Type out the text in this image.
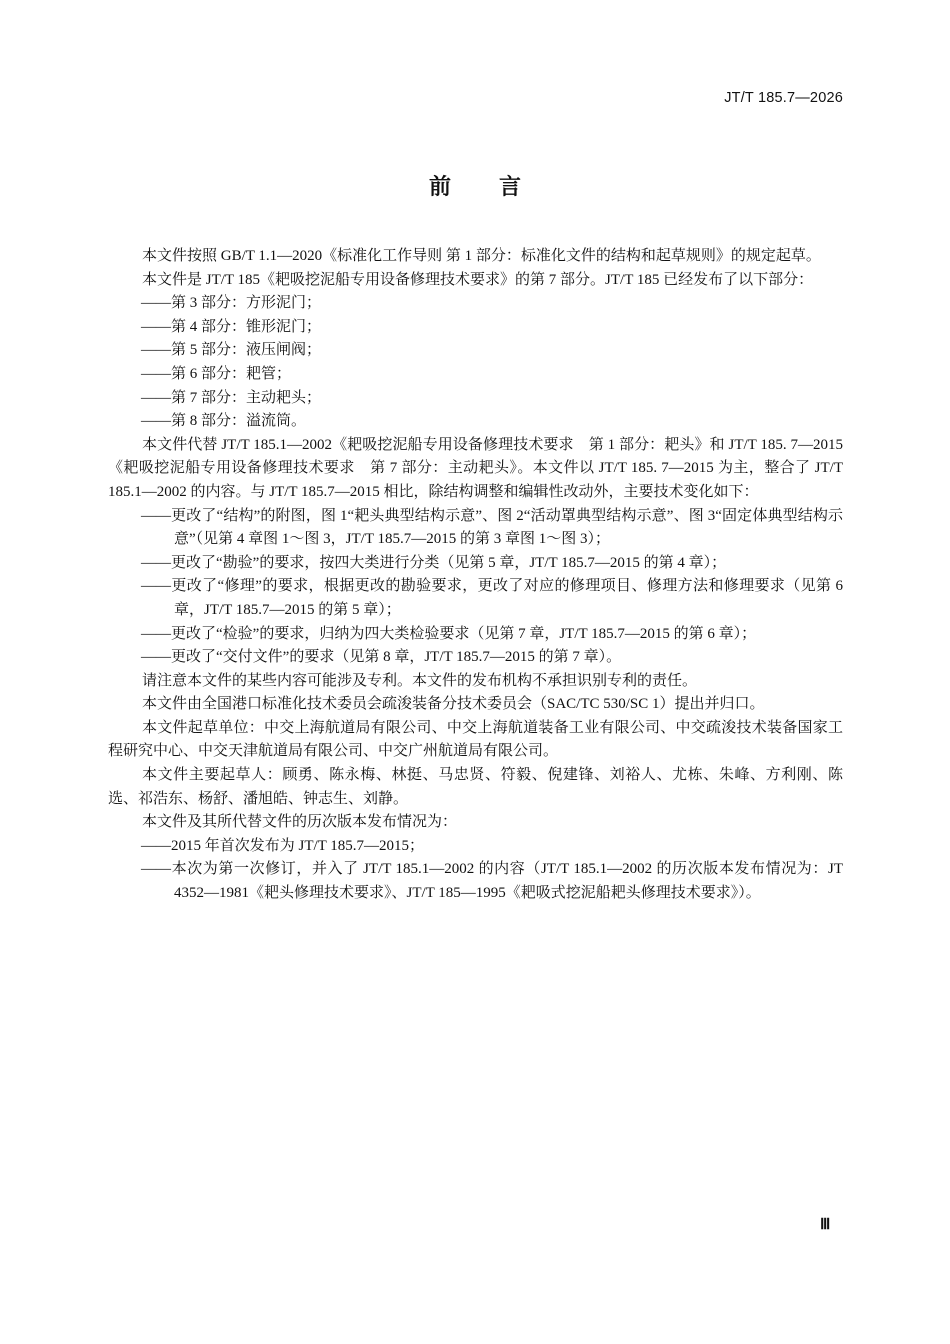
JT/T 185.7—2026
前 言

本文件按照 GB/T 1.1—2020《标准化工作导则 第 1 部分：标准化文件的结构和起草规则》的规定起草。

本文件是 JT/T 185《耙吸挖泥船专用设备修理技术要求》的第 7 部分。JT/T 185 已经发布了以下部分：

——第 3 部分：方形泥门；

——第 4 部分：锥形泥门；

——第 5 部分：液压闸阀；

——第 6 部分：耙管；

——第 7 部分：主动耙头；

——第 8 部分：溢流筒。

本文件代替 JT/T 185.1—2002《耙吸挖泥船专用设备修理技术要求　第 1 部分：耙头》和 JT/T 185. 7—2015《耙吸挖泥船专用设备修理技术要求　第 7 部分：主动耙头》。本文件以 JT/T 185. 7—2015 为主，整合了 JT/T 185.1—2002 的内容。与 JT/T 185.7—2015 相比，除结构调整和编辑性改动外，主要技术变化如下：

——更改了“结构”的附图，图 1“耙头典型结构示意”、图 2“活动罩典型结构示意”、图 3“固定体典型结构示意”（见第 4 章图 1～图 3，JT/T 185.7—2015 的第 3 章图 1～图 3）；

——更改了“勘验”的要求，按四大类进行分类（见第 5 章，JT/T 185.7—2015 的第 4 章）；

——更改了“修理”的要求，根据更改的勘验要求，更改了对应的修理项目、修理方法和修理要求（见第 6 章，JT/T 185.7—2015 的第 5 章）；

——更改了“检验”的要求，归纳为四大类检验要求（见第 7 章，JT/T 185.7—2015 的第 6 章）；

——更改了“交付文件”的要求（见第 8 章，JT/T 185.7—2015 的第 7 章）。

请注意本文件的某些内容可能涉及专利。本文件的发布机构不承担识别专利的责任。

本文件由全国港口标准化技术委员会疏浚装备分技术委员会（SAC/TC 530/SC 1）提出并归口。

本文件起草单位：中交上海航道局有限公司、中交上海航道装备工业有限公司、中交疏浚技术装备国家工程研究中心、中交天津航道局有限公司、中交广州航道局有限公司。

本文件主要起草人：顾勇、陈永梅、林挺、马忠贤、符毅、倪建锋、刘裕人、尤栋、朱峰、方利刚、陈选、祁浩东、杨舒、潘旭皓、钟志生、刘静。

本文件及其所代替文件的历次版本发布情况为：

——2015 年首次发布为 JT/T 185.7—2015；

——本次为第一次修订，并入了 JT/T 185.1—2002 的内容（JT/T 185.1—2002 的历次版本发布情况为：JT 4352—1981《耙头修理技术要求》、JT/T 185—1995《耙吸式挖泥船耙头修理技术要求》）。

Ⅲ
